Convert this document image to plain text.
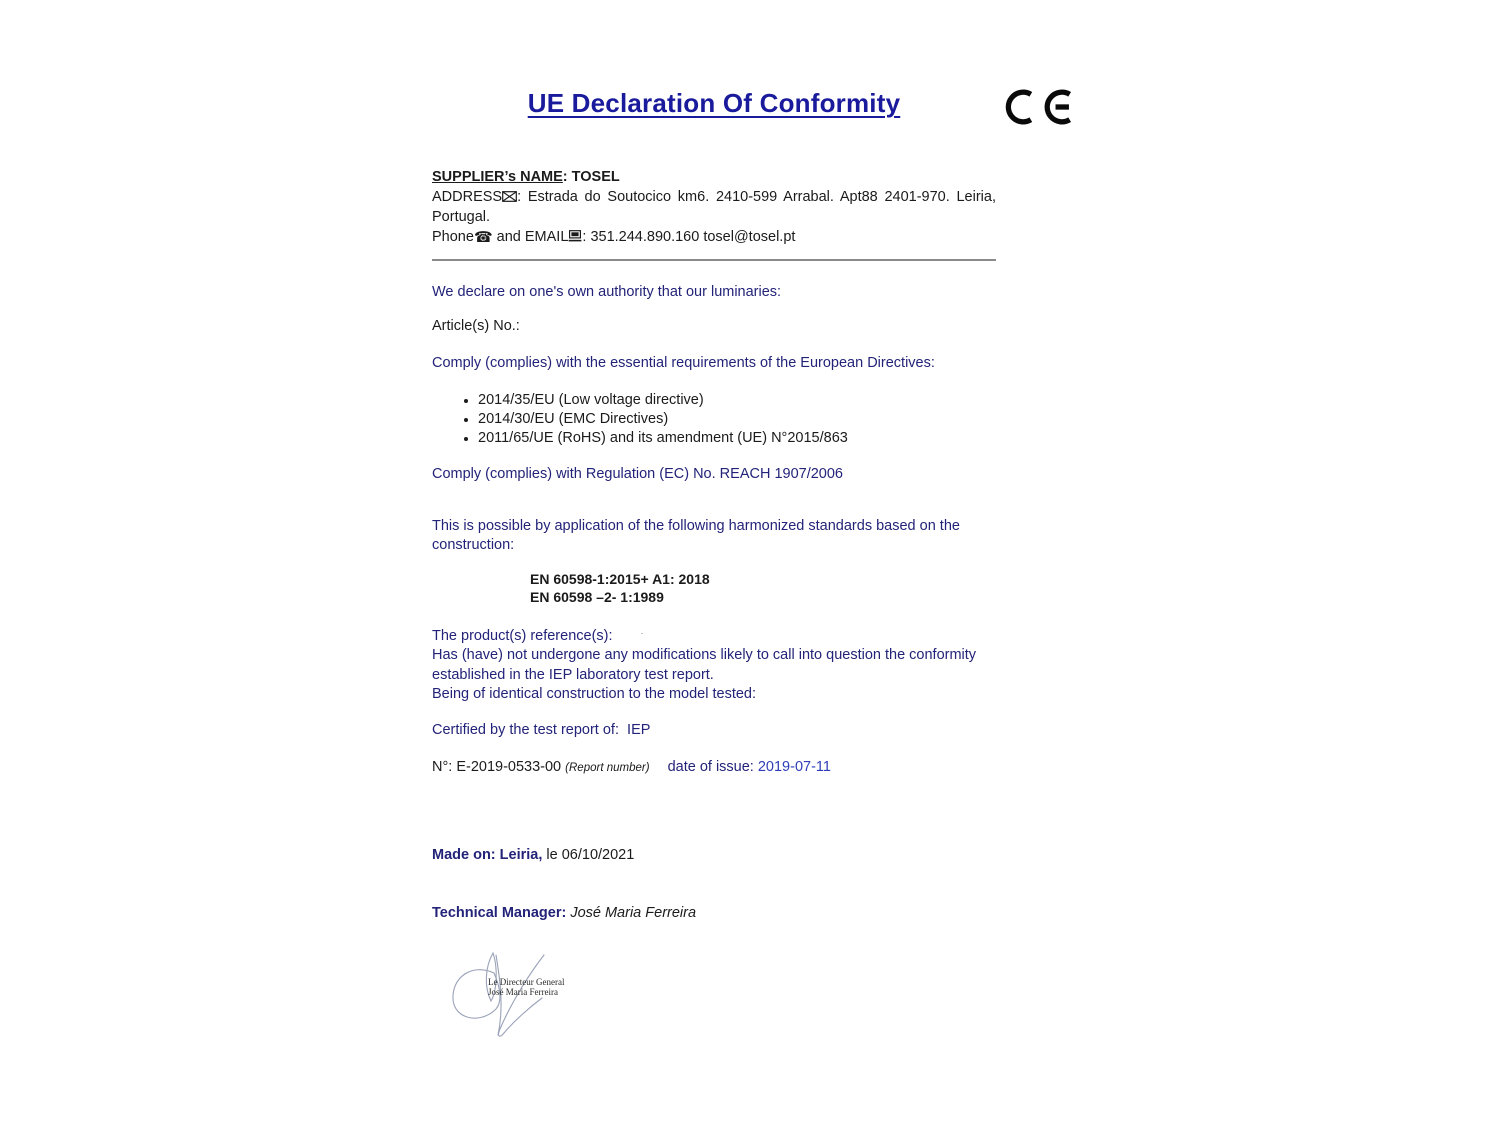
UE Declaration Of Conformity
SUPPLIER’s NAME: TOSEL
ADDRESS : Estrada do Soutocico km6. 2410-599 Arrabal. Apt88 2401-970. Leiria, Portugal.
Phone☎ and EMAIL : 351.244.890.160 tosel@tosel.pt
We declare on one's own authority that our luminaries:
Article(s) No.:
Comply (complies) with the essential requirements of the European Directives:
• 2014/35/EU (Low voltage directive)
• 2014/30/EU (EMC Directives)
• 2011/65/UE (RoHS) and its amendment (UE) N°2015/863
Comply (complies) with Regulation (EC) No. REACH 1907/2006
This is possible by application of the following harmonized standards based on the construction:
EN 60598-1:2015+ A1: 2018
EN 60598 –2- 1:1989
The product(s) reference(s):	·
Has (have) not undergone any modifications likely to call into question the conformity established in the IEP laboratory test report.
Being of identical construction to the model tested:
Certified by the test report of:  IEP
N°: E-2019-0533-00 (Report number) date of issue: 2019-07-11
Made on: Leiria, le 06/10/2021
Technical Manager: José Maria Ferreira
Le Directeur General
José Maria Ferreira
